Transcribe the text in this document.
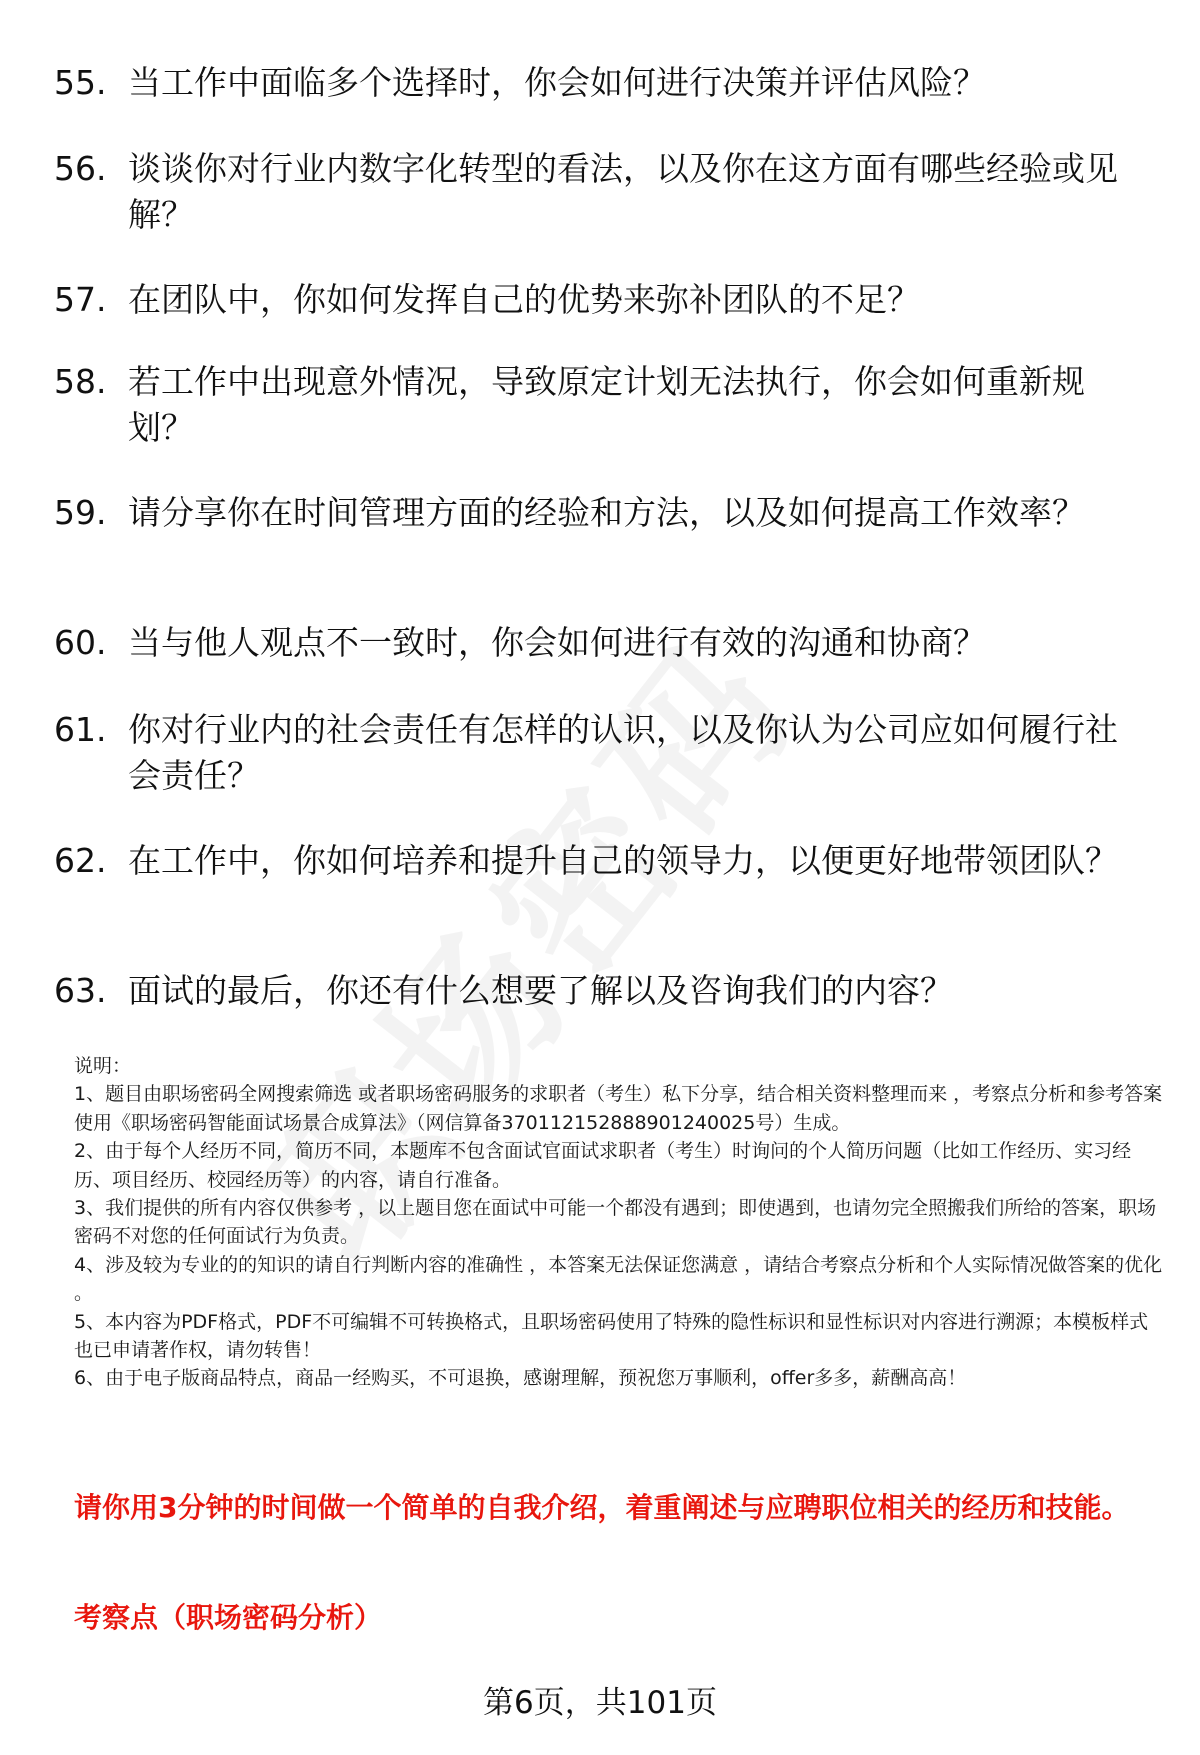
55. 当工作中面临多个选择时，你会如何进行决策并评估风险？
56. 谈谈你对行业内数字化转型的看法，以及你在这方面有哪些经验或见解？
57. 在团队中，你如何发挥自己的优势来弥补团队的不足？
58. 若工作中出现意外情况，导致原定计划无法执行，你会如何重新规划？
59. 请分享你在时间管理方面的经验和方法，以及如何提高工作效率？
60. 当与他人观点不一致时，你会如何进行有效的沟通和协商？
61. 你对行业内的社会责任有怎样的认识，以及你认为公司应如何履行社会责任？
62. 在工作中，你如何培养和提升自己的领导力，以便更好地带领团队？
63. 面试的最后，你还有什么想要了解以及咨询我们的内容？

说明：

1、题目由职场密码全网搜索筛选 或者职场密码服务的求职者（考生）私下分享，结合相关资料整理而来 ，考察点分析和参考答案使用《职场密码智能面试场景合成算法》（网信算备370112152888901240025号）生成。

2、由于每个人经历不同，简历不同，本题库不包含面试官面试求职者（考生）时询问的个人简历问题（比如工作经历、实习经历、项目经历、校园经历等）的内容，请自行准备。

3、我们提供的所有内容仅供参考 ，以上题目您在面试中可能一个都没有遇到；即使遇到，也请勿完全照搬我们所给的答案，职场密码不对您的任何面试行为负责。

4、涉及较为专业的的知识的请自行判断内容的准确性 ，本答案无法保证您满意 ，请结合考察点分析和个人实际情况做答案的优化 。

5、本内容为PDF格式，PDF不可编辑不可转换格式，且职场密码使用了特殊的隐性标识和显性标识对内容进行溯源；本模板样式也已申请著作权，请勿转售！

6、由于电子版商品特点，商品一经购买，不可退换，感谢理解，预祝您万事顺利，offer多多，薪酬高高！

请你用3分钟的时间做一个简单的自我介绍，着重阐述与应聘职位相关的经历和技能。
考察点（职场密码分析）
第6页，共101页
